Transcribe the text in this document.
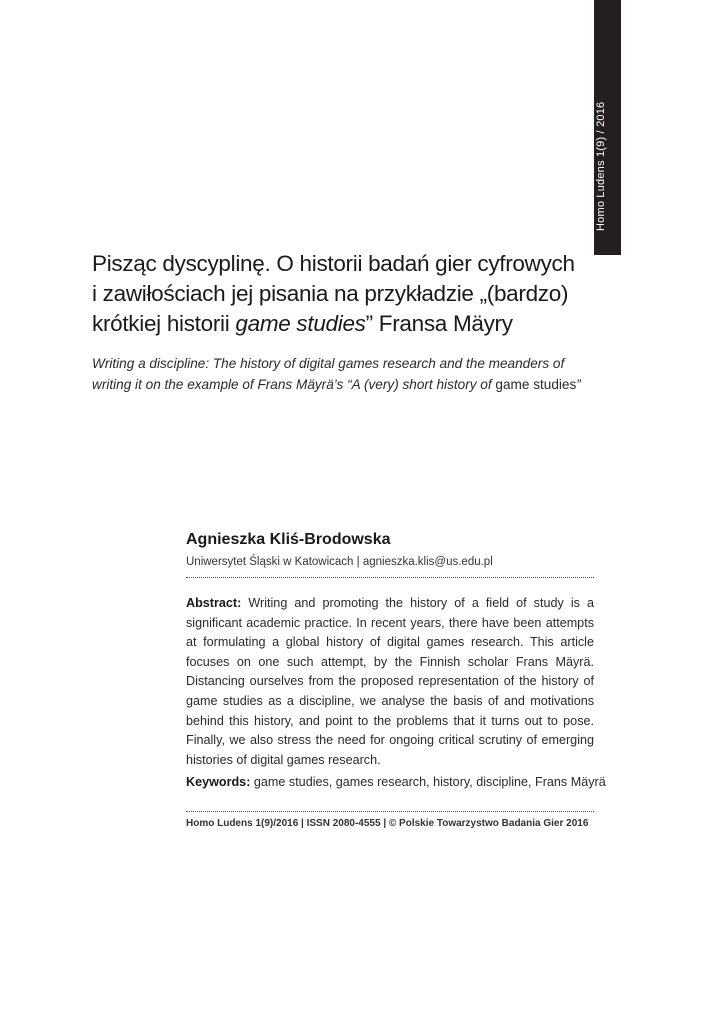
Homo Ludens 1(9) / 2016
Pisząc dyscyplinę. O historii badań gier cyfrowych
i zawiłościach jej pisania na przykładzie „(bardzo)
krótkiej historii game studies” Fransa Mäyry

Writing a discipline: The history of digital games research and the meanders of writing it on the example of Frans Mäyrä’s “A (very) short history of game studies”

Agnieszka Kliś-Brodowska
Uniwersytet Śląski w Katowicach | agnieszka.klis@us.edu.pl

Abstract: Writing and promoting the history of a field of study is a significant academic practice. In recent years, there have been attempts at formulating a global history of digital games research. This article focuses on one such attempt, by the Finnish scholar Frans Mäyrä. Distancing ourselves from the proposed representation of the history of game studies as a discipline, we analyse the basis of and motivations behind this history, and point to the problems that it turns out to pose. Finally, we also stress the need for ongoing critical scrutiny of emerging histories of digital games research.

Keywords: game studies, games research, history, discipline, Frans Mäyrä

Homo Ludens 1(9)/2016 | ISSN 2080-4555 | © Polskie Towarzystwo Badania Gier 2016
